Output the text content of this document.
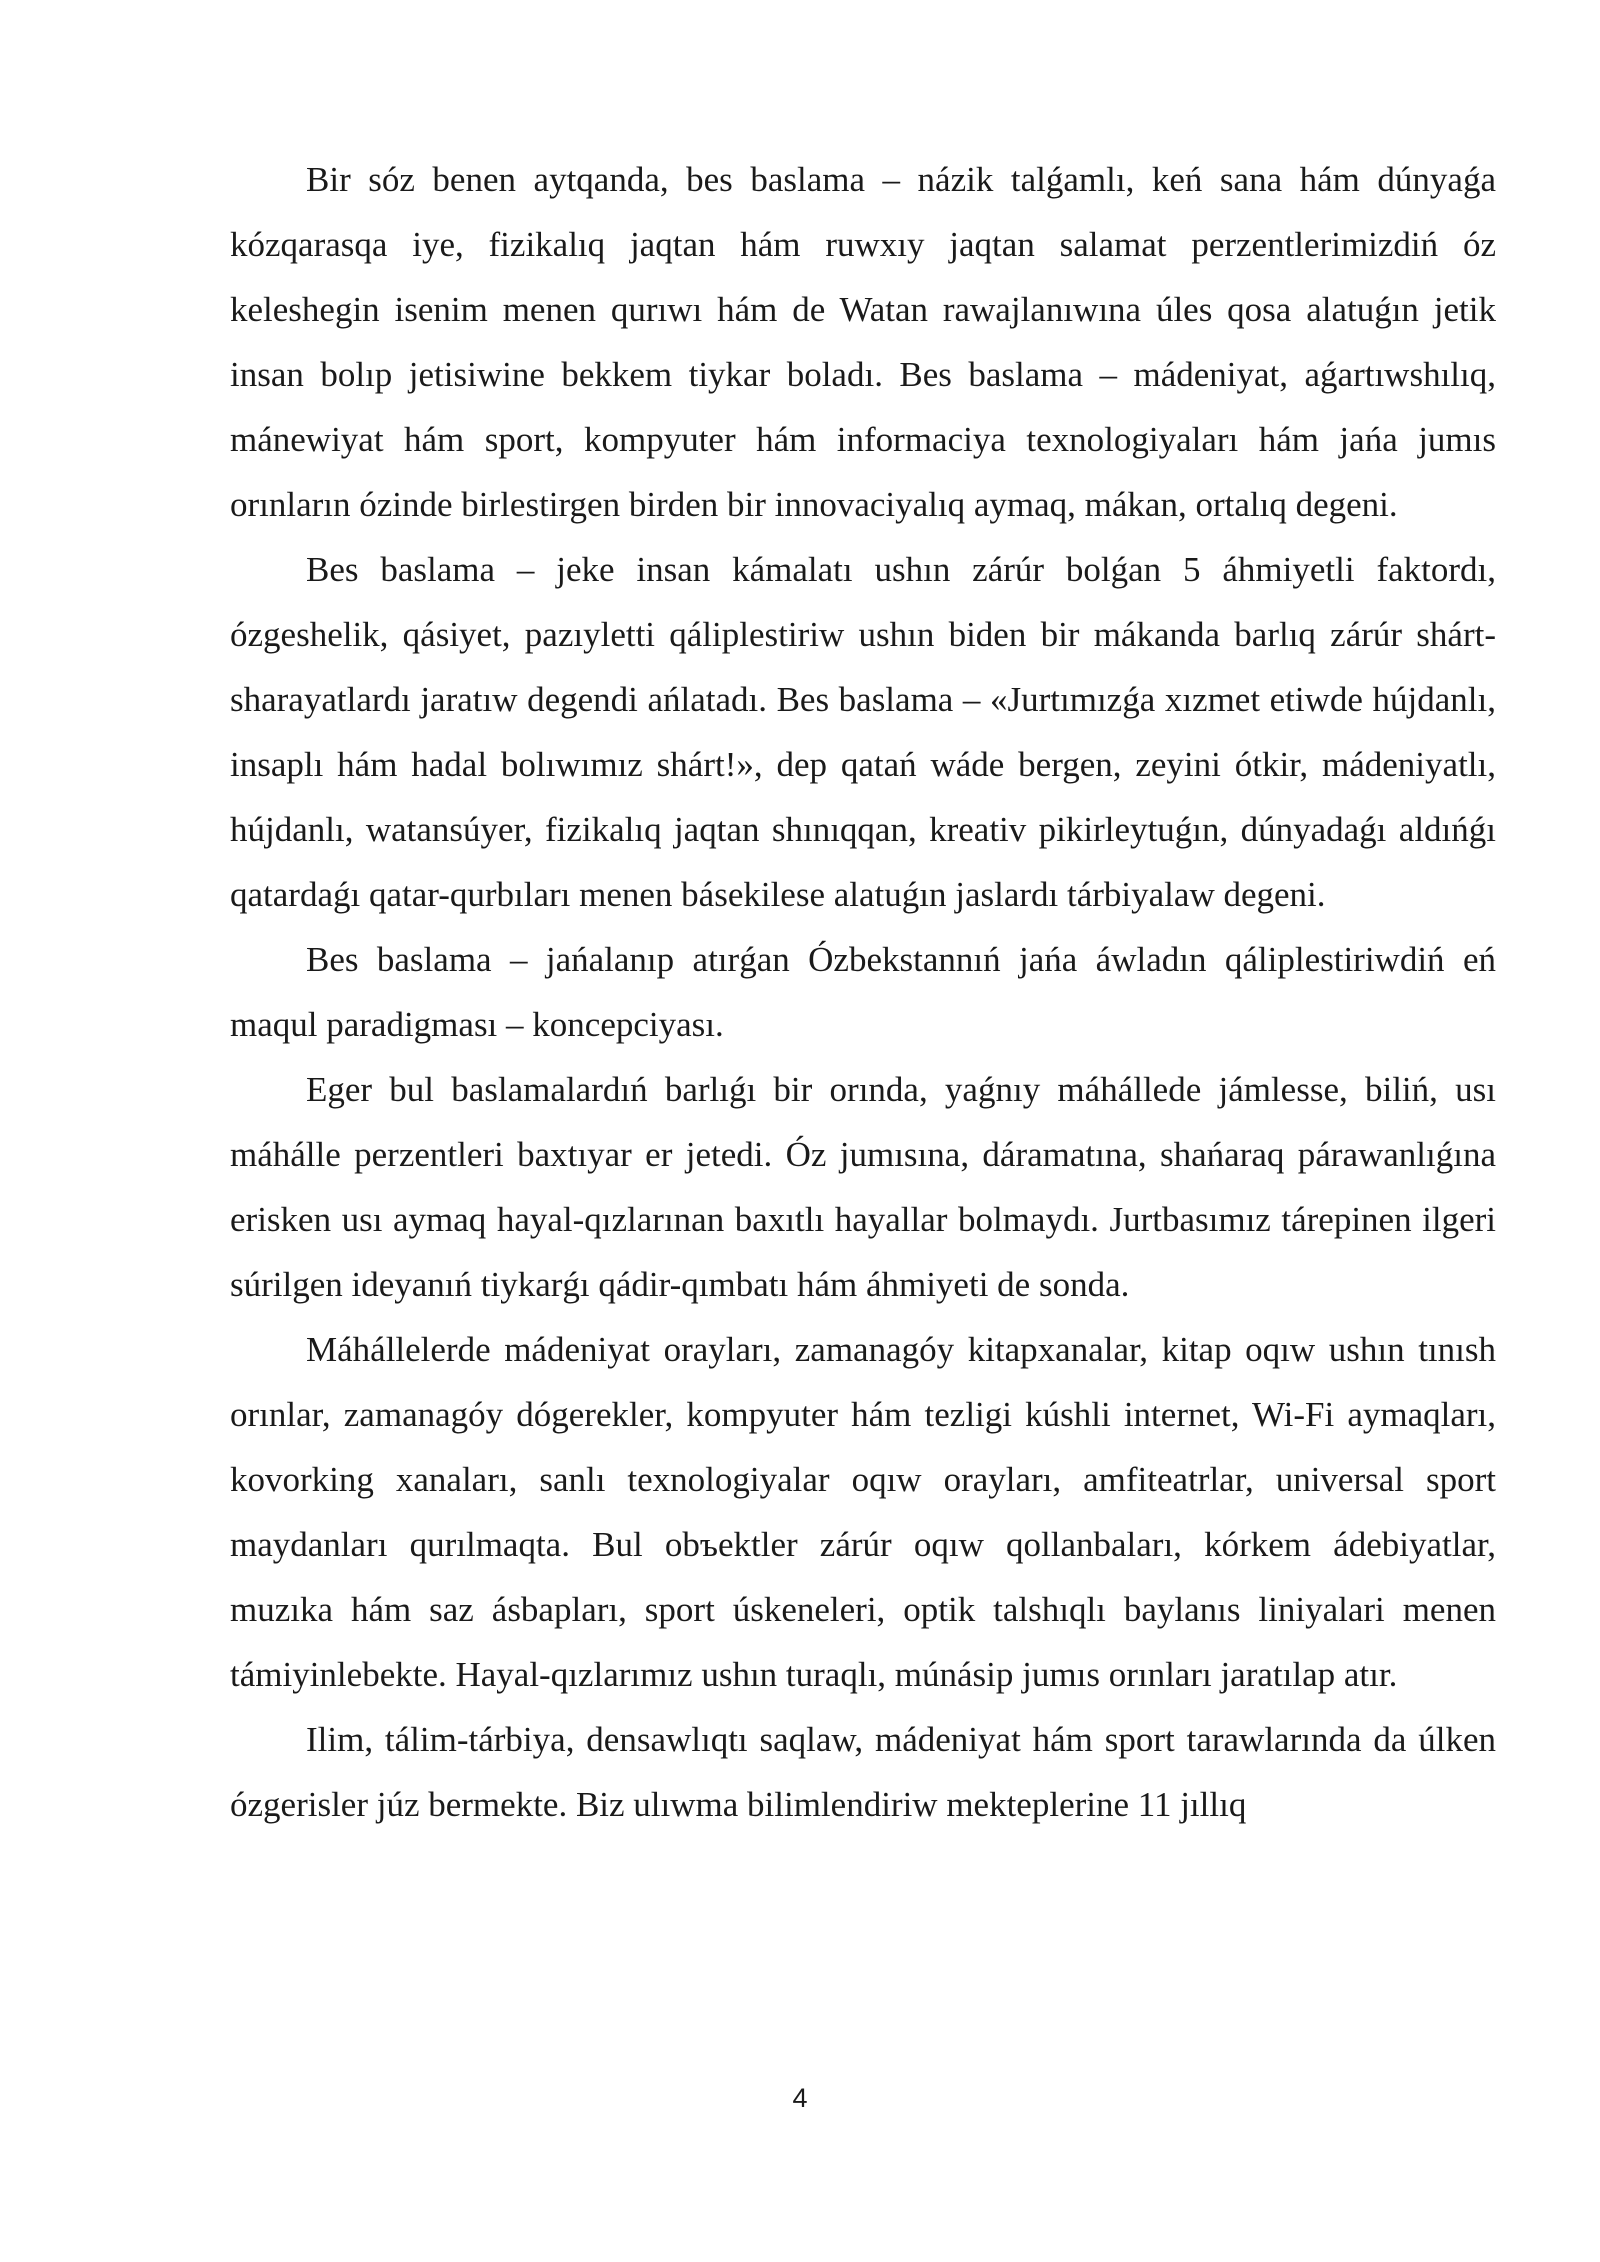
Bir sóz benen aytqanda, bes baslama – názik talǵamlı, keń sana hám dúnyaǵa kózqarasqa iye, fizikalıq jaqtan hám ruwxıy jaqtan salamat perzentlerimizdiń óz keleshegin isenim menen qurıwı hám de Watan rawajlanıwına úles qosa alatuǵın jetik insan bolıp jetisiwine bekkem tiykar boladı. Bes baslama – mádeniyat, aǵartıwshılıq, mánewiyat hám sport, kompyuter hám informaciya texnologiyaları hám jańa jumıs orınların ózinde birlestirgen birden bir innovaciyalıq aymaq, mákan, ortalıq degeni.

Bes baslama – jeke insan kámalatı ushın zárúr bolǵan 5 áhmiyetli faktordı, ózgeshelik, qásiyet, pazıyletti qáliplestiriw ushın biden bir mákanda barlıq zárúr shárt-sharayatlardı jaratıw degendi ańlatadı. Bes baslama – «Jurtımızǵa xızmet etiwde hújdanlı, insaplı hám hadal bolıwımız shárt!», dep qatań wáde bergen, zeyini ótkir, mádeniyatlı, hújdanlı, watansúyer, fizikalıq jaqtan shınıqqan, kreativ pikirleytuǵın, dúnyadaǵı aldıńǵı qatardaǵı qatar-qurbıları menen básekilese alatuǵın jaslardı tárbiyalaw degeni.

Bes baslama – jańalanıp atırǵan Ózbekstannıń jańa áwladın qáliplestiriwdiń eń maqul paradigması – koncepciyası.

Eger bul baslamalardıń barlıǵı bir orında, yaǵnıy máhállede jámlesse, biliń, usı máhálle perzentleri baxtıyar er jetedi. Óz jumısına, dáramatına, shańaraq párawanlıǵına erisken usı aymaq hayal-qızlarınan baxıtlı hayallar bolmaydı. Jurtbasımız tárepinen ilgeri súrilgen ideyanıń tiykarǵı qádir-qımbatı hám áhmiyeti de sonda.

Máhállelerde mádeniyat orayları, zamanagóy kitapxanalar, kitap oqıw ushın tınısh orınlar, zamanagóy dógerekler, kompyuter hám tezligi kúshli internet, Wi-Fi aymaqları, kovorking xanaları, sanlı texnologiyalar oqıw orayları, amfiteatrlar, universal sport maydanları qurılmaqta. Bul obъektler zárúr oqıw qollanbaları, kórkem ádebiyatlar, muzıka hám saz ásbapları, sport úskeneleri, optik talshıqlı baylanıs liniyalari menen támiyinlebekte. Hayal-qızlarımız ushın turaqlı, múnásip jumıs orınları jaratılap atır.

Ilim, tálim-tárbiya, densawlıqtı saqlaw, mádeniyat hám sport tarawlarında da úlken ózgerisler júz bermekte. Biz ulıwma bilimlendiriw mekteplerine 11 jıllıq

4
